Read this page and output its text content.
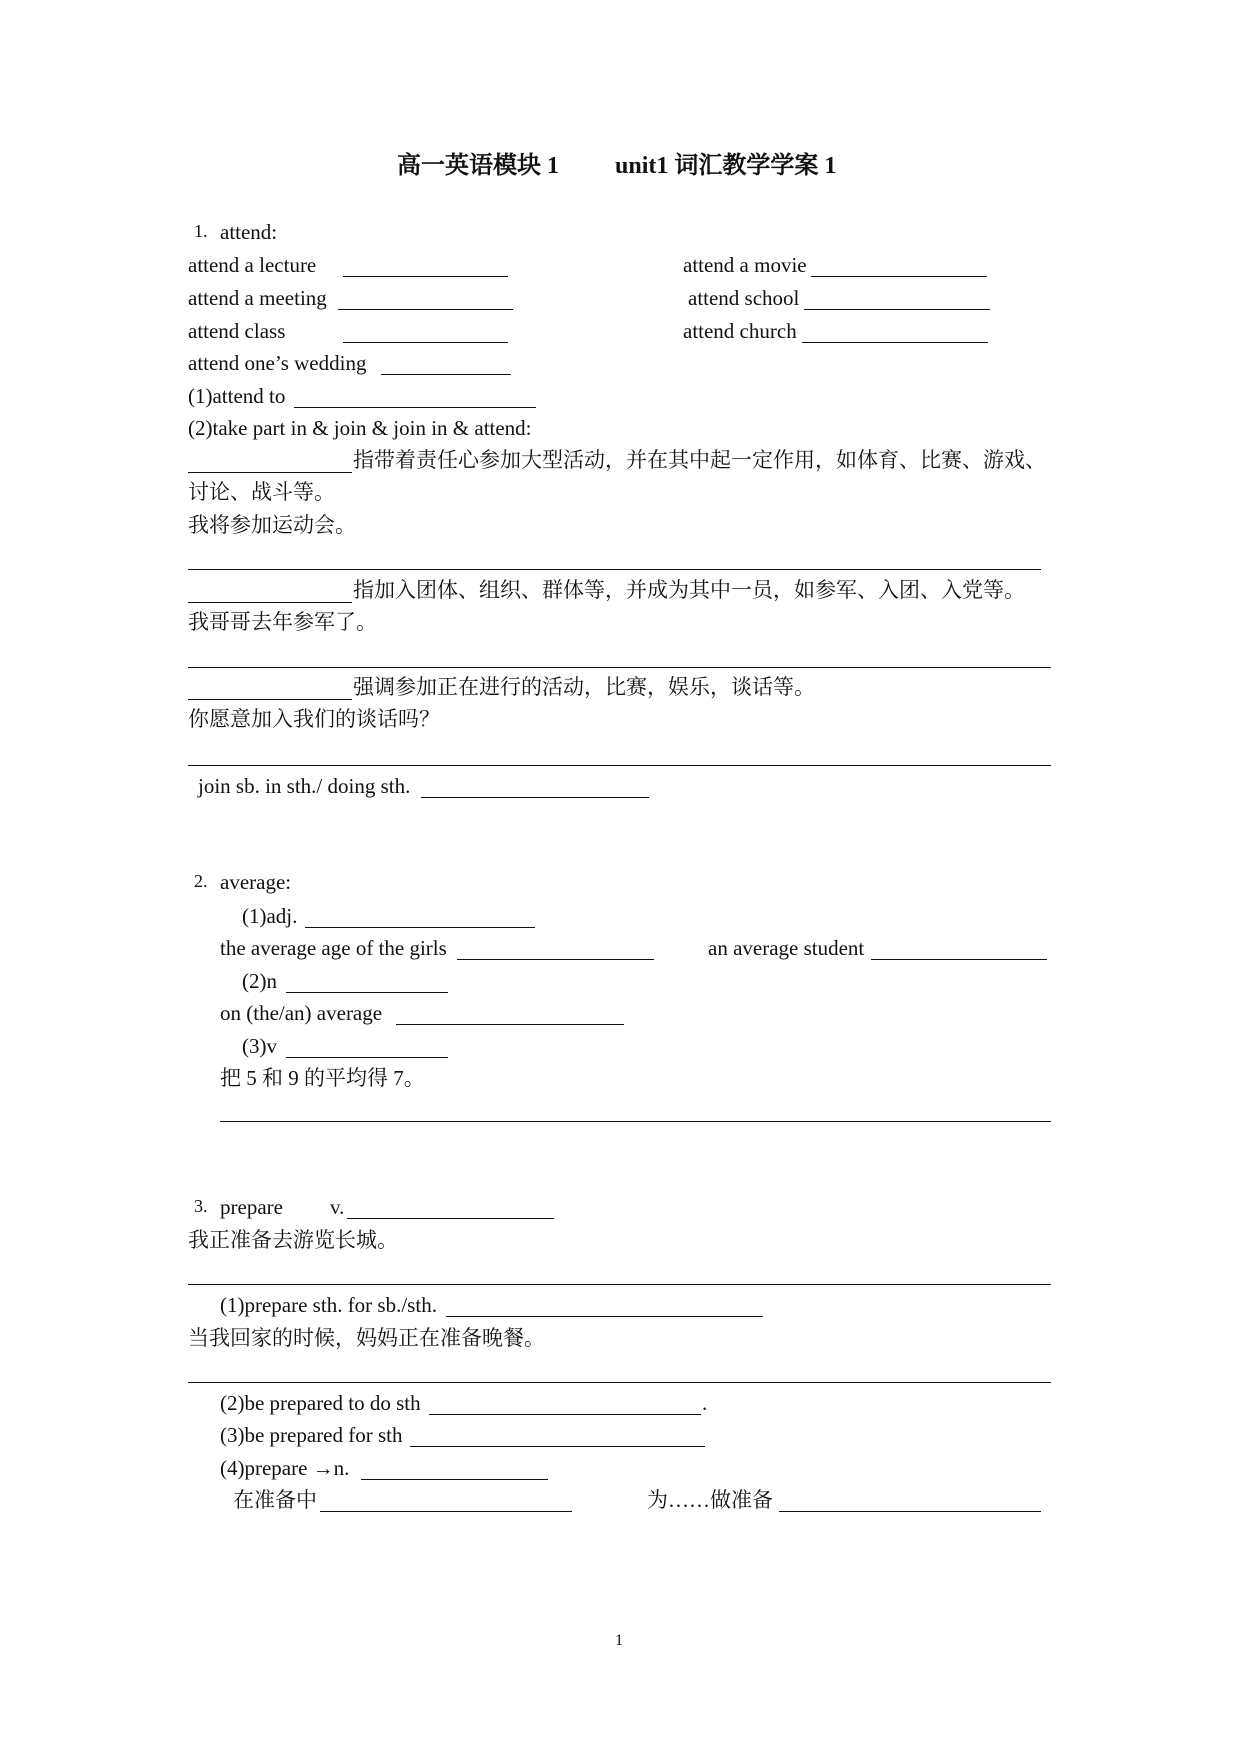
高一英语模块 1 unit1 词汇教学学案 1
1. attend:
attend a lecture	attend a movie
attend a meeting	attend school
attend class	attend church
attend one’s wedding
(1)attend to
(2)take part in & join & join in & attend:
指带着责任心参加大型活动，并在其中起一定作用，如体育、比赛、游戏、
讨论、战斗等。
我将参加运动会。
指加入团体、组织、群体等，并成为其中一员，如参军、入团、入党等。
我哥哥去年参军了。
强调参加正在进行的活动，比赛，娱乐，谈话等。
你愿意加入我们的谈话吗？
join sb. in sth./ doing sth.
2. average:
(1)adj.
the average age of the girls	an average student
(2)n
on (the/an) average
(3)v
把 5 和 9 的平均得 7。
3. prepare v.
我正准备去游览长城。
(1)prepare sth. for sb./sth.
当我回家的时候，妈妈正在准备晚餐。
(2)be prepared to do sth	.
(3)be prepared for sth
(4)prepare →n.
在准备中	为……做准备
1
